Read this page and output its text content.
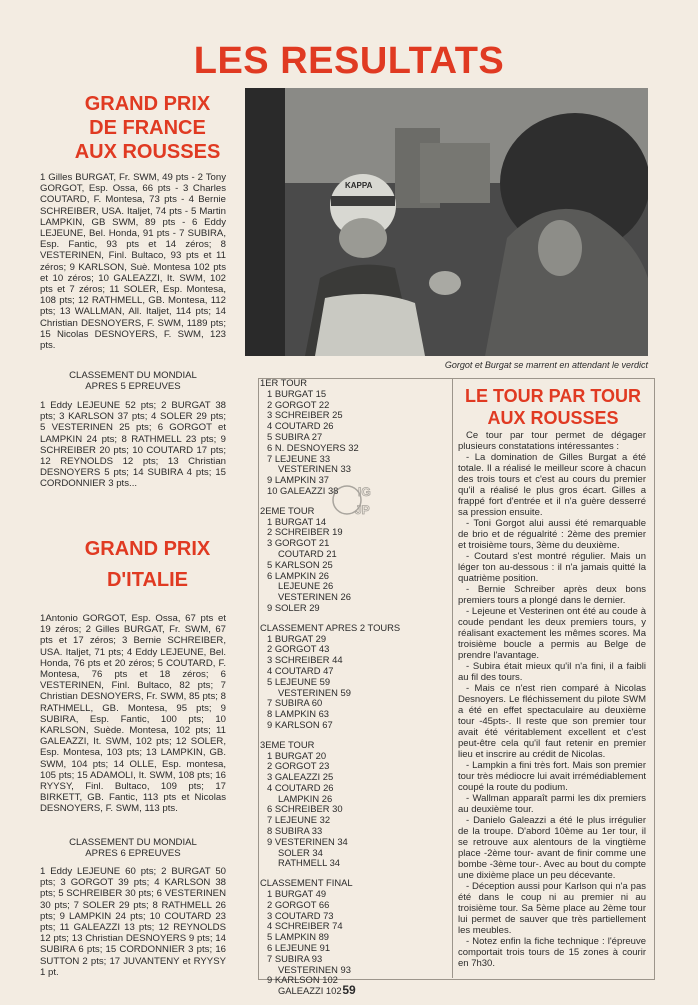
LES RESULTATS
GRAND PRIX
DE FRANCE
AUX ROUSSES

1 Gilles BURGAT, Fr. SWM, 49 pts - 2 Tony GORGOT, Esp. Ossa, 66 pts - 3 Charles COUTARD, F. Montesa, 73 pts - 4 Bernie SCHREIBER, USA. Italjet, 74 pts - 5 Martin LAMPKIN, GB SWM, 89 pts - 6 Eddy LEJEUNE, Bel. Honda, 91 pts - 7 SUBIRA, Esp. Fantic, 93 pts et 14 zéros; 8 VESTERINEN, Finl. Bultaco, 93 pts et 11 zéros; 9 KARLSON, Suè. Montesa 102 pts et 10 zéros; 10 GALEAZZI, It. SWM, 102 pts et 7 zéros; 11 SOLER, Esp. Montesa, 108 pts; 12 RATHMELL, GB. Montesa, 112 pts; 13 WALLMAN, All. Italjet, 114 pts; 14 Christian DESNOYERS, F. SWM, 1189 pts; 15 Nicolas DESNOYERS, F. SWM, 123 pts.

CLASSEMENT DU MONDIAL
APRES 5 EPREUVES

1 Eddy LEJEUNE 52 pts; 2 BURGAT 38 pts; 3 KARLSON 37 pts; 4 SOLER 29 pts; 5 VESTERINEN 25 pts; 6 GORGOT et LAMPKIN 24 pts; 8 RATHMELL 23 pts; 9 SCHREIBER 20 pts; 10 COUTARD 17 pts; 12 REYNOLDS 12 pts; 13 Christian DESNOYERS 5 pts; 14 SUBIRA 4 pts; 15 CORDONNIER 3 pts...

GRAND PRIX
D'ITALIE

1Antonio GORGOT, Esp. Ossa, 67 pts et 19 zéros; 2 Gilles BURGAT, Fr. SWM, 67 pts et 17 zéros; 3 Bernie SCHREIBER, USA. Italjet, 71 pts; 4 Eddy LEJEUNE, Bel. Honda, 76 pts et 20 zéros; 5 COUTARD, F. Montesa, 76 pts et 18 zéros; 6 VESTERINEN, Finl. Bultaco, 82 pts; 7 Christian DESNOYERS, Fr. SWM, 85 pts; 8 RATHMELL, GB. Montesa, 95 pts; 9 SUBIRA, Esp. Fantic, 100 pts; 10 KARLSON, Suède. Montesa, 102 pts; 11 GALEAZZI, It. SWM, 102 pts; 12 SOLER, Esp. Montesa, 103 pts; 13 LAMPKIN, GB. SWM, 104 pts; 14 OLLE, Esp. montesa, 105 pts; 15 ADAMOLI, It. SWM, 108 pts; 16 RYYSY, Finl. Bultaco, 109 pts; 17 BIRKETT, GB. Fantic, 113 pts et Nicolas DESNOYERS, F. SWM, 113 pts.

CLASSEMENT DU MONDIAL
APRES 6 EPREUVES

1 Eddy LEJEUNE 60 pts; 2 BURGAT 50 pts; 3 GORGOT 39 pts; 4 KARLSON 38 pts; 5 SCHREIBER 30 pts; 6 VESTERINEN 30 pts; 7 SOLER 29 pts; 8 RATHMELL 26 pts; 9 LAMPKIN 24 pts; 10 COUTARD 23 pts; 11 GALEAZZI 13 pts; 12 REYNOLDS 12 pts; 13 Christian DESNOYERS 9 pts; 14 SUBIRA 6 pts; 15 CORDONNIER 3 pts; 16 SUTTON 2 pts; 17 JUVANTENY et RYYSY 1 pt.

KAPPA
Gorgot et Burgat se marrent en attendant le verdict
1ER TOUR
1 BURGAT 15
2 GORGOT 22
3 SCHREIBER 25
4 COUTARD 26
5 SUBIRA 27
6 N. DESNOYERS 32
7 LEJEUNE 33
VESTERINEN 33
9 LAMPKIN 37
10 GALEAZZI 38
2EME TOUR
1 BURGAT 14
2 SCHREIBER 19
3 GORGOT 21
COUTARD 21
5 KARLSON 25
6 LAMPKIN 26
LEJEUNE 26
VESTERINEN 26
9 SOLER 29
CLASSEMENT APRES 2 TOURS
1 BURGAT 29
2 GORGOT 43
3 SCHREIBER 44
4 COUTARD 47
5 LEJEUNE 59
VESTERINEN 59
7 SUBIRA 60
8 LAMPKIN 63
9 KARLSON 67
3EME TOUR
1 BURGAT 20
2 GORGOT 23
3 GALEAZZI 25
4 COUTARD 26
LAMPKIN 26
6 SCHREIBER 30
7 LEJEUNE 32
8 SUBIRA 33
9 VESTERINEN 34
SOLER 34
RATHMELL 34
CLASSEMENT FINAL
1 BURGAT 49
2 GORGOT 66
3 COUTARD 73
4 SCHREIBER 74
5 LAMPKIN 89
6 LEJEUNE 91
7 SUBIRA 93
VESTERINEN 93
9 KARLSON 102
GALEAZZI 102
IG
JP
LE TOUR PAR TOUR
AUX ROUSSES

Ce tour par tour permet de dégager plusieurs constatations intéressantes :

- La domination de Gilles Burgat a été totale. Il a réalisé le meilleur score à chacun des trois tours et c'est au cours du premier qu'il a réalisé le plus gros écart. Gilles a frappé fort d'entrée et il n'a guère desserré sa pression ensuite.

- Toni Gorgot alui aussi été remarquable de brio et de régualrité : 2ème des premier et troisième tours, 3ème du deuxième.

- Coutard s'est montré régulier. Mais un léger ton au-dessous : il n'a jamais quitté la quatrième position.

- Bernie Schreiber après deux bons premiers tours a plongé dans le dernier.

- Lejeune et Vesterinen ont été au coude à coude pendant les deux premiers tours, y réalisant exactement les mêmes scores. Ma troisième boucle a permis au Belge de prendre l'avantage.

- Subira était mieux qu'il n'a fini, il a faibli au fil des tours.

- Mais ce n'est rien comparé à Nicolas Desnoyers. Le fléchissement du pilote SWM a été en effet spectaculaire au deuxième tour -45pts-. Il reste que son premier tour avait été véritablement excellent et c'est peut-être cela qu'il faut retenir en premier lieu et inscrire au crédit de Nicolas.

- Lampkin a fini très fort. Mais son premier tour très médiocre lui avait irrémédiablement coupé la route du podium.

- Wallman apparaît parmi les dix premiers au deuxième tour.

- Danielo Galeazzi a été le plus irrégulier de la troupe. D'abord 10ème au 1er tour, il se retrouve aux alentours de la vingtième place -2ème tour- avant de finir comme une bombe -3ème tour-. Avec au bout du compte une dixième place un peu décevante.

- Déception aussi pour Karlson qui n'a pas été dans le coup ni au premier ni au troisième tour. Sa 5ème place au 2ème tour lui permet de sauver que très partiellement les meubles.

- Notez enfin la fiche technique : l'épreuve comportait trois tours de 15 zones à courir en 7h30.

59
